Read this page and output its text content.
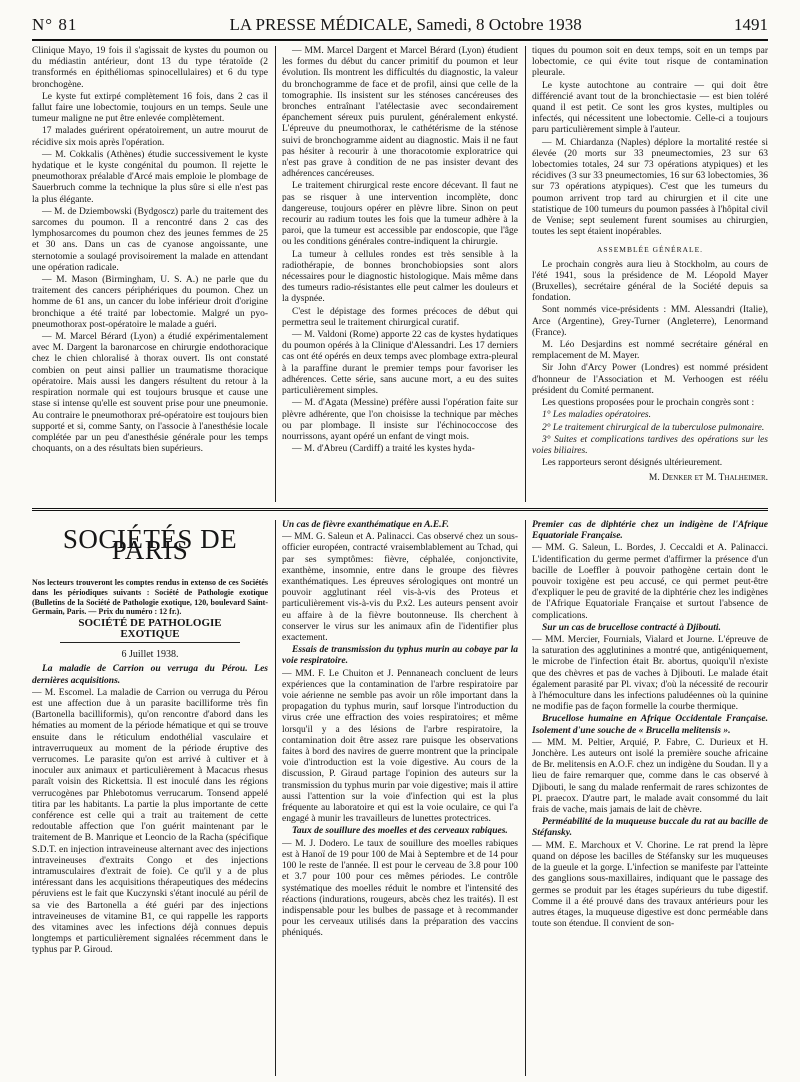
N° 81	LA PRESSE MÉDICALE, Samedi, 8 Octobre 1938	1491

Clinique Mayo, 19 fois il s'agissait de kystes du poumon ou du médiastin antérieur, dont 13 du type tératoïde (2 transformés en épithéliomas spinocellulaires) et 6 du type bronchogène.

Le kyste fut extirpé complètement 16 fois, dans 2 cas il fallut faire une lobectomie, toujours en un temps. Seule une tumeur maligne ne put être enlevée complètement.

17 malades guérirent opératoirement, un autre mourut de récidive six mois après l'opération.

— M. Cokkalis (Athènes) étudie successivement le kyste hydatique et le kyste congénital du poumon. Il rejette le pneumothorax préalable d'Arcé mais emploie le plombage de Sauerbruch comme la technique la plus sûre si elle n'est pas la plus élégante.

— M. de Dziembowski (Bydgoscz) parle du traitement des sarcomes du poumon. Il a rencontré dans 2 cas des lymphosarcomes du poumon chez des jeunes femmes de 25 et 30 ans. Dans un cas de cyanose angoissante, une sternotomie a soulagé provisoirement la malade en attendant une opération radicale.

— M. Mason (Birmingham, U. S. A.) ne parle que du traitement des cancers périphériques du poumon. Chez un homme de 61 ans, un cancer du lobe inférieur droit d'origine bronchique a été traité par lobectomie. Malgré un pyo-pneumothorax post-opératoire le malade a guéri.

— M. Marcel Bérard (Lyon) a étudié expérimentalement avec M. Dargent la baronarcose en chirurgie endothoracique chez le chien chloralisé à thorax ouvert. Ils ont constaté combien on peut ainsi pallier un traumatisme thoracique opératoire. Mais aussi les dangers résultent du retour à la respiration normale qui est toujours brusque et cause une stase si intense qu'elle est souvent prise pour une pneumonie. Au contraire le pneumothorax pré-opératoire est toujours bien supporté et si, comme Santy, on l'associe à l'anesthésie locale complétée par un peu d'anesthésie générale pour les temps choquants, on a des résultats bien supérieurs.

— MM. Marcel Dargent et Marcel Bérard (Lyon) étudient les formes du début du cancer primitif du poumon et leur évolution. Ils montrent les difficultés du diagnostic, la valeur du bronchogramme de face et de profil, ainsi que celle de la tomographie. Ils insistent sur les sténoses cancéreuses des bronches entraînant l'atélectasie avec secondairement épanchement séreux puis purulent, généralement enkysté. L'épreuve du pneumothorax, le cathétérisme de la sténose suivi de bronchogramme aident au diagnostic. Mais il ne faut pas hésiter à recourir à une thoracotomie exploratrice qui n'est pas grave à condition de ne pas insister devant des adhérences cancéreuses.

Le traitement chirurgical reste encore décevant. Il faut ne pas se risquer à une intervention incomplète, donc dangereuse, toujours opérer en plèvre libre. Sinon on peut recourir au radium toutes les fois que la tumeur adhère à la paroi, que la tumeur est accessible par endoscopie, que l'âge ou les conditions générales contre-indiquent la chirurgie.

La tumeur à cellules rondes est très sensible à la radiothérapie, de bonnes bronchobiopsies sont alors nécessaires pour le diagnostic histologique. Mais même dans des tumeurs radio-résistantes elle peut calmer les douleurs et la dyspnée.

C'est le dépistage des formes précoces de début qui permettra seul le traitement chirurgical curatif.

— M. Valdoni (Rome) apporte 22 cas de kystes hydatiques du poumon opérés à la Clinique d'Alessandri. Les 17 derniers cas ont été opérés en deux temps avec plombage extra-pleural à la paraffine durant le premier temps pour favoriser les adhérences. Cette série, sans aucune mort, a eu des suites particulièrement simples.

— M. d'Agata (Messine) préfère aussi l'opération faite sur plèvre adhérente, que l'on choisisse la technique par mèches ou par plombage. Il insiste sur l'échinococcose des nourrissons, ayant opéré un enfant de vingt mois.

— M. d'Abreu (Cardiff) a traité les kystes hyda-

tiques du poumon soit en deux temps, soit en un temps par lobectomie, ce qui évite tout risque de contamination pleurale.

Le kyste autochtone au contraire — qui doit être différencié avant tout de la bronchiectasie — est bien toléré quand il est petit. Ce sont les gros kystes, multiples ou infectés, qui nécessitent une lobectomie. Celle-ci a toujours paru particulièrement simple à l'auteur.

— M. Chiardanza (Naples) déplore la mortalité restée si élevée (20 morts sur 33 pneumectomies, 23 sur 63 lobectomies totales, 24 sur 73 opérations atypiques) et les récidives (3 sur 33 pneumectomies, 16 sur 63 lobectomies, 36 sur 73 opérations atypiques). C'est que les tumeurs du poumon arrivent trop tard au chirurgien et il cite une statistique de 100 tumeurs du poumon passées à l'hôpital civil de Venise; sept seulement furent soumises au chirurgien, toutes les sept étaient inopérables.

ASSEMBLÉE GÉNÉRALE.

Le prochain congrès aura lieu à Stockholm, au cours de l'été 1941, sous la présidence de M. Léopold Mayer (Bruxelles), secrétaire général de la Société depuis sa fondation.

Sont nommés vice-présidents : MM. Alessandri (Italie), Arce (Argentine), Grey-Turner (Angleterre), Lenormand (France).

M. Léo Desjardins est nommé secrétaire général en remplacement de M. Mayer.

Sir John d'Arcy Power (Londres) est nommé président d'honneur de l'Association et M. Verhoogen est réélu président du Comité permanent.

Les questions proposées pour le prochain congrès sont :

1° Les maladies opératoires.

2° Le traitement chirurgical de la tuberculose pulmonaire.

3° Suites et complications tardives des opérations sur les voies biliaires.

Les rapporteurs seront désignés ultérieurement.

M. Denker et M. Thalheimer.
SOCIÉTÉS DE PARIS

Nos lecteurs trouveront les comptes rendus in extenso de ces Sociétés dans les périodiques suivants : Société de Pathologie exotique (Bulletins de la Société de Pathologie exotique, 120, boulevard Saint-Germain, Paris. — Prix du numéro : 12 fr.).

SOCIÉTÉ DE PATHOLOGIE EXOTIQUE
6 Juillet 1938.

La maladie de Carrion ou verruga du Pérou. Les dernières acquisitions.

— M. Escomel. La maladie de Carrion ou verruga du Pérou est une affection due à un parasite bacilliforme très fin (Bartonella bacilliformis), qu'on rencontre d'abord dans les hématies au moment de la période hématique et qui se trouve ensuite dans le réticulum endothélial vasculaire et intraverruqueux au moment de la période éruptive des verrucomes. Le parasite qu'on est arrivé à cultiver et à inoculer aux animaux et particulièrement à Macacus rhesus paraît voisin des Rickettsia. Il est inoculé dans les régions verrucogènes par Phlebotomus verrucarum. Tonsend appelé titira par les habitants. La partie la plus importante de cette conférence est celle qui a trait au traitement de cette redoutable affection que l'on guérit maintenant par le traitement de B. Manrique et Leoncio de la Racha (spécifique S.D.T. en injection intraveineuse alternant avec des injections intraveineuses d'extraits Congo et des injections intramusculaires d'extrait de foie). Ce qu'il y a de plus intéressant dans les acquisitions thérapeutiques des médecins péruviens est le fait que Kuczynski s'étant inoculé au péril de sa vie des Bartonella a été guéri par des injections intraveineuses de vitamine B1, ce qui rappelle les rapports des vitamines avec les infections déjà connues depuis longtemps et particulièrement signalées récemment dans le typhus par P. Giroud.

Un cas de fièvre exanthématique en A.E.F.

— MM. G. Saleun et A. Palinacci. Cas observé chez un sous-officier européen, contracté vraisemblablement au Tchad, qui par ses symptômes: fièvre, céphalée, conjonctivite, exanthème, insomnie, entre dans le groupe des fièvres exanthématiques. Les épreuves sérologiques ont montré un pouvoir agglutinant réel vis-à-vis des Proteus et particulièrement vis-à-vis du P.x2. Les auteurs pensent avoir eu affaire à de la fièvre boutonneuse. Ils cherchent à conserver le virus sur les animaux afin de l'identifier plus exactement.

Essais de transmission du typhus murin au cobaye par la voie respiratoire.

— MM. F. Le Chuiton et J. Pennaneach concluent de leurs expériences que la contamination de l'arbre respiratoire par voie aérienne ne semble pas avoir un rôle important dans la propagation du typhus murin, sauf lorsque l'introduction du virus crée une effraction des voies respiratoires; et même lorsqu'il y a des lésions de l'arbre respiratoire, la contamination doit être assez rare puisque les observations faites à bord des navires de guerre montrent que la principale voie d'introduction est la voie digestive. Au cours de la discussion, P. Giraud partage l'opinion des auteurs sur la transmission du typhus murin par voie digestive; mais il attire aussi l'attention sur la voie d'infection qui est la plus fréquente au laboratoire et qui est la voie oculaire, ce qui l'a engagé à munir les travailleurs de lunettes protectrices.

Taux de souillure des moelles et des cerveaux rabiques.

— M. J. Dodero. Le taux de souillure des moelles rabiques est à Hanoï de 19 pour 100 de Mai à Septembre et de 14 pour 100 le reste de l'année. Il est pour le cerveau de 3.8 pour 100 et 3.7 pour 100 pour ces mêmes périodes. Le contrôle systématique des moelles réduit le nombre et l'intensité des réactions (indurations, rougeurs, abcès chez les traités). Il est indispensable pour les bulbes de passage et à recommander pour les cerveaux utilisés dans la préparation des vaccins phéniqués.

Premier cas de diphtérie chez un indigène de l'Afrique Equatoriale Française.

— MM. G. Saleun, L. Bordes, J. Ceccaldi et A. Palinacci. L'identification du germe permet d'affirmer la présence d'un bacille de Loeffler à pouvoir pathogène certain dont le pouvoir toxigène est peu accusé, ce qui permet peut-être d'expliquer le peu de gravité de la diphtérie chez les indigènes de l'Afrique Equatoriale Française et surtout l'absence de complications.

Sur un cas de brucellose contracté à Djibouti.

— MM. Mercier, Fournials, Vialard et Journe. L'épreuve de la saturation des agglutinines a montré que, antigéniquement, le microbe de l'infection était Br. abortus, quoiqu'il n'existe que des chèvres et pas de vaches à Djibouti. Le malade était également parasité par Pl. vivax; d'où la nécessité de recourir à l'hémoculture dans les infections paludéennes où la quinine ne modifie pas de façon formelle la courbe thermique.

Brucellose humaine en Afrique Occidentale Française. Isolement d'une souche de « Brucella melitensis ».

— MM. M. Peltier, Arquié, P. Fabre, C. Durieux et H. Jonchère. Les auteurs ont isolé la première souche africaine de Br. melitensis en A.O.F. chez un indigène du Soudan. Il y a lieu de faire remarquer que, comme dans le cas observé à Djibouti, le sang du malade renfermait de rares schizontes de Pl. praecox. D'autre part, le malade avait consommé du lait frais de vache, mais jamais de lait de chèvre.

Perméabilité de la muqueuse buccale du rat au bacille de Stéfansky.

— MM. E. Marchoux et V. Chorine. Le rat prend la lèpre quand on dépose les bacilles de Stéfansky sur les muqueuses de la gueule et la gorge. L'infection se manifeste par l'atteinte des ganglions sous-maxillaires, indiquant que le passage des germes se produit par les étages supérieurs du tube digestif. Comme il a été prouvé dans des travaux antérieurs pour les autres étages, la muqueuse digestive est donc perméable dans toute son étendue. Il convient de son-
